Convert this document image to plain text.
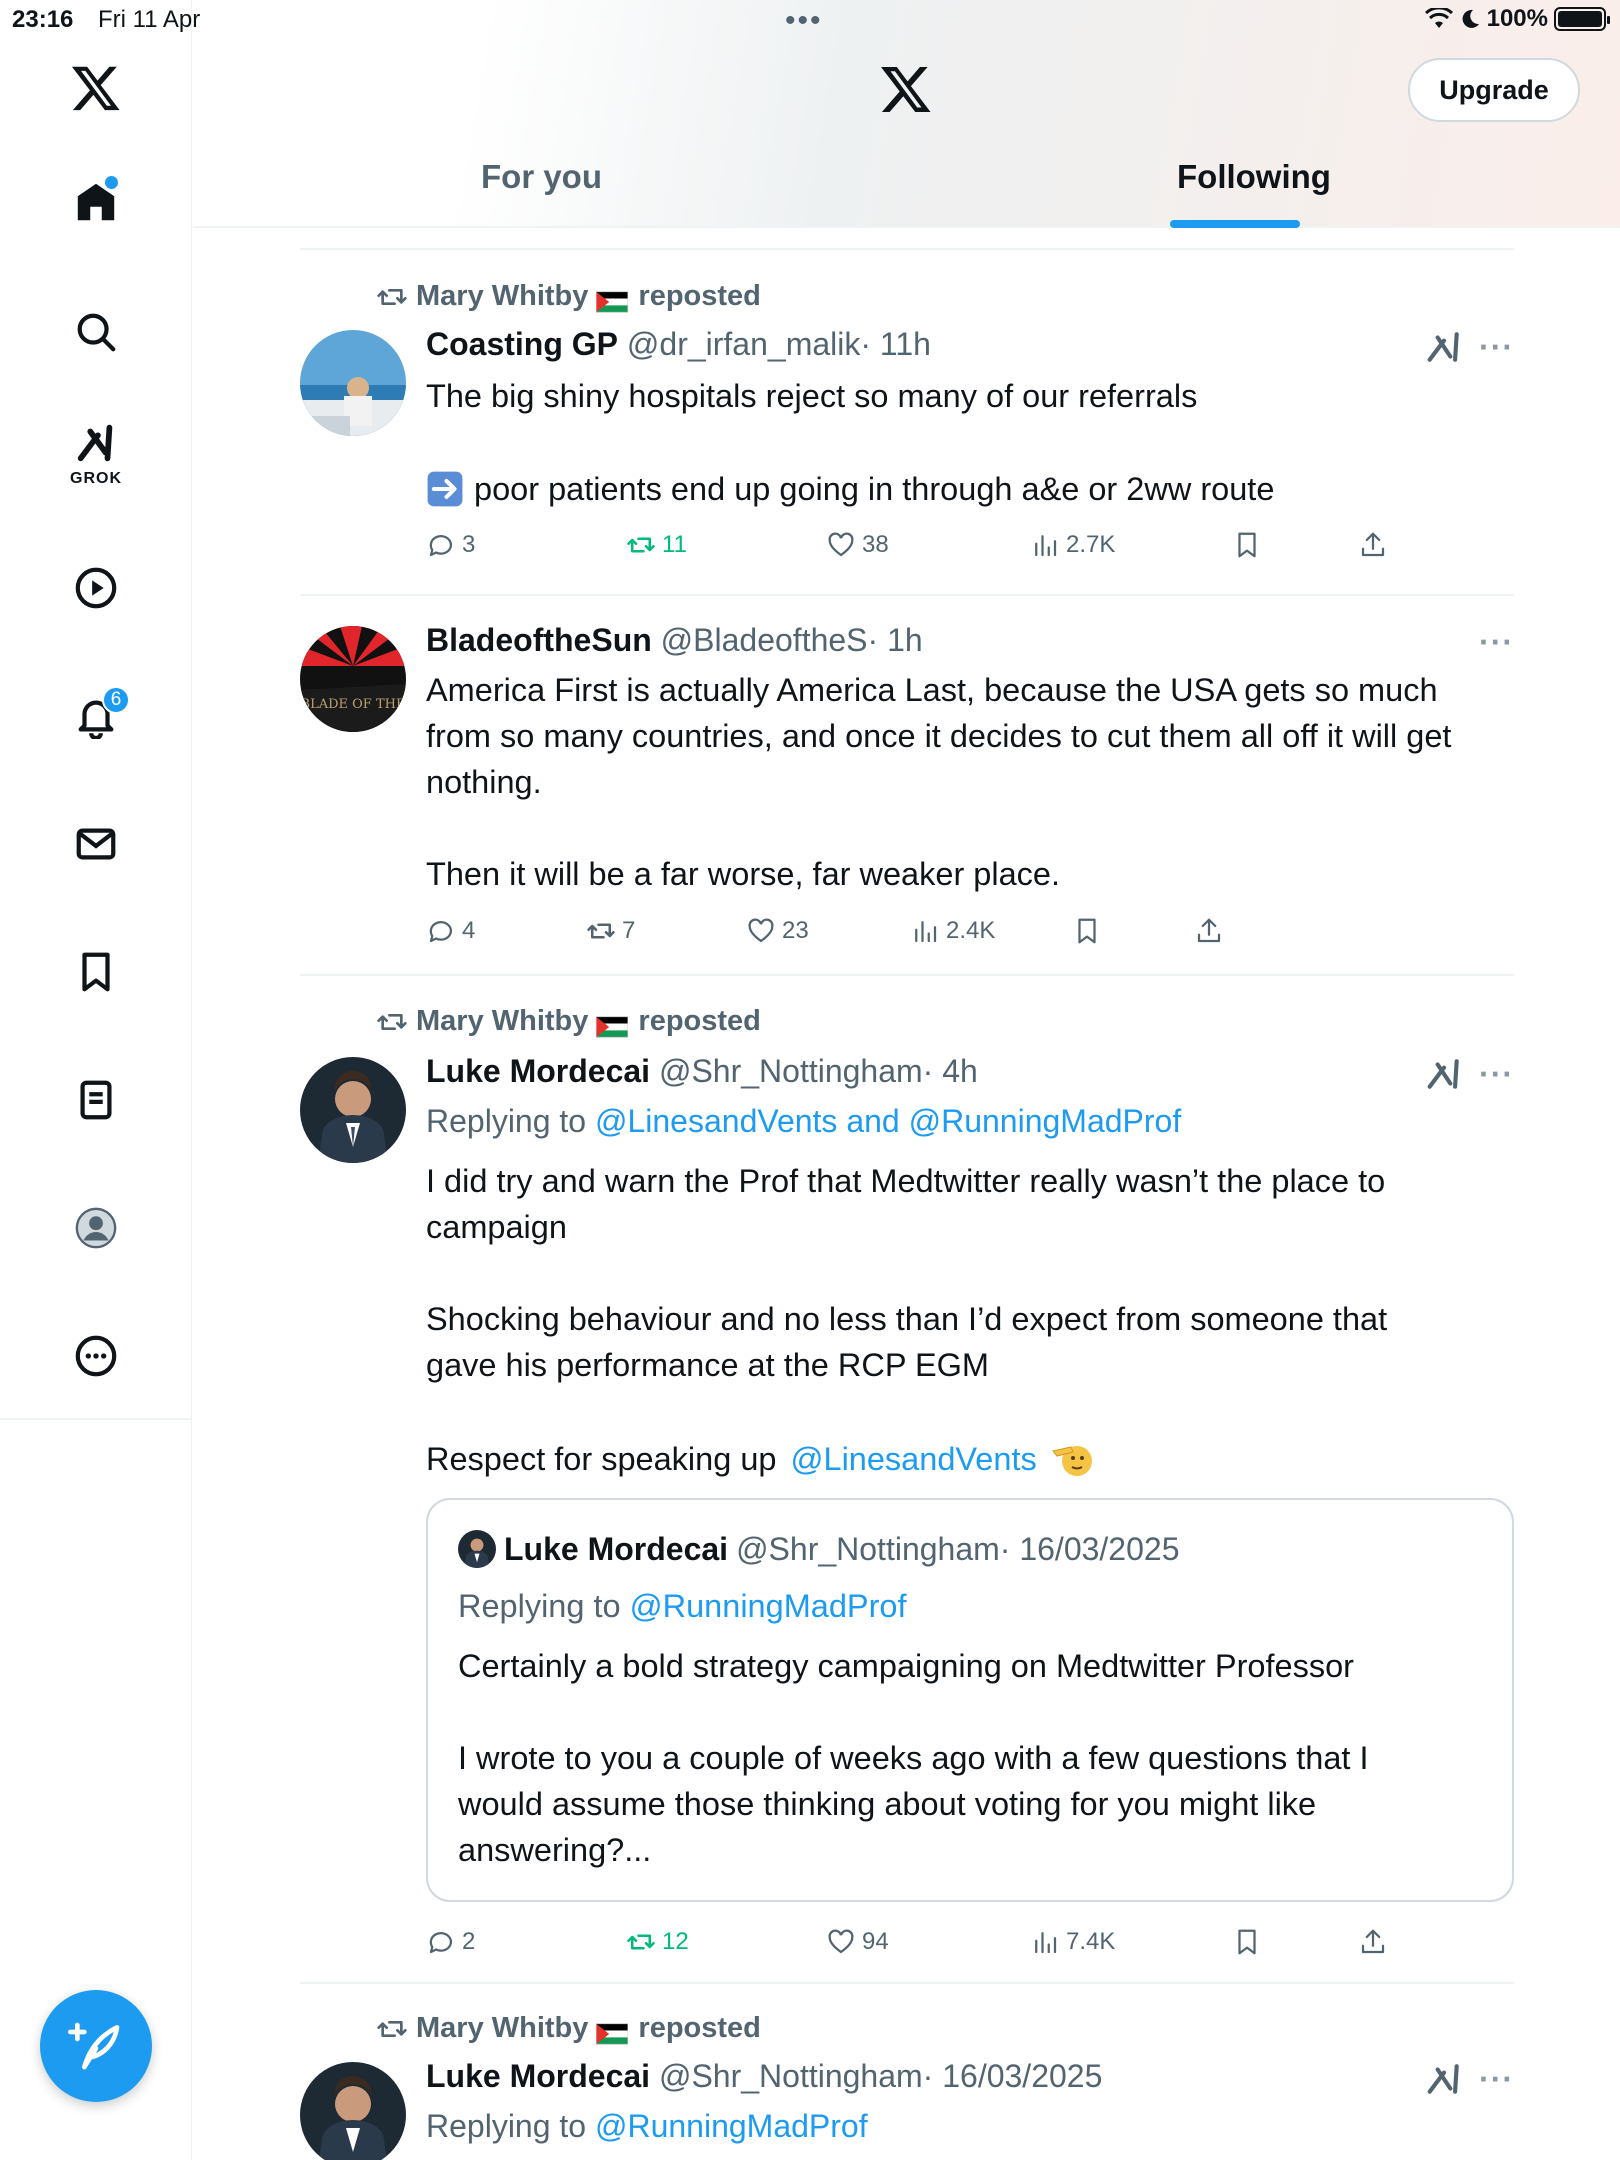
23:16 Fri 11 Apr	•••	100%
GROK
6
Upgrade
For you	Following
Mary Whitby reposted
Coasting GP @dr_irfan_malik· 11h	···
The big shiny hospitals reject so many of our referrals
poor patients end up going in through a&e or 2ww route
3	11	38	2.7K
BLADE OF THE
BladeoftheSun @BladeoftheS· 1h	···
America First is actually America Last, because the USA gets so much
from so many countries, and once it decides to cut them all off it will get
nothing.
Then it will be a far worse, far weaker place.
4	7	23	2.4K
Mary Whitby reposted
Luke Mordecai @Shr_Nottingham· 4h	···
Replying to @LinesandVents and @RunningMadProf
I did try and warn the Prof that Medtwitter really wasn’t the place to
campaign
Shocking behaviour and no less than I’d expect from someone that
gave his performance at the RCP EGM
Respect for speaking up @LinesandVents
Luke Mordecai @Shr_Nottingham · 16/03/2025
Replying to @RunningMadProf
Certainly a bold strategy campaigning on Medtwitter Professor
I wrote to you a couple of weeks ago with a few questions that I
would assume those thinking about voting for you might like
answering?...
2	12	94	7.4K
Mary Whitby reposted
Luke Mordecai @Shr_Nottingham· 16/03/2025	···
Replying to @RunningMadProf
